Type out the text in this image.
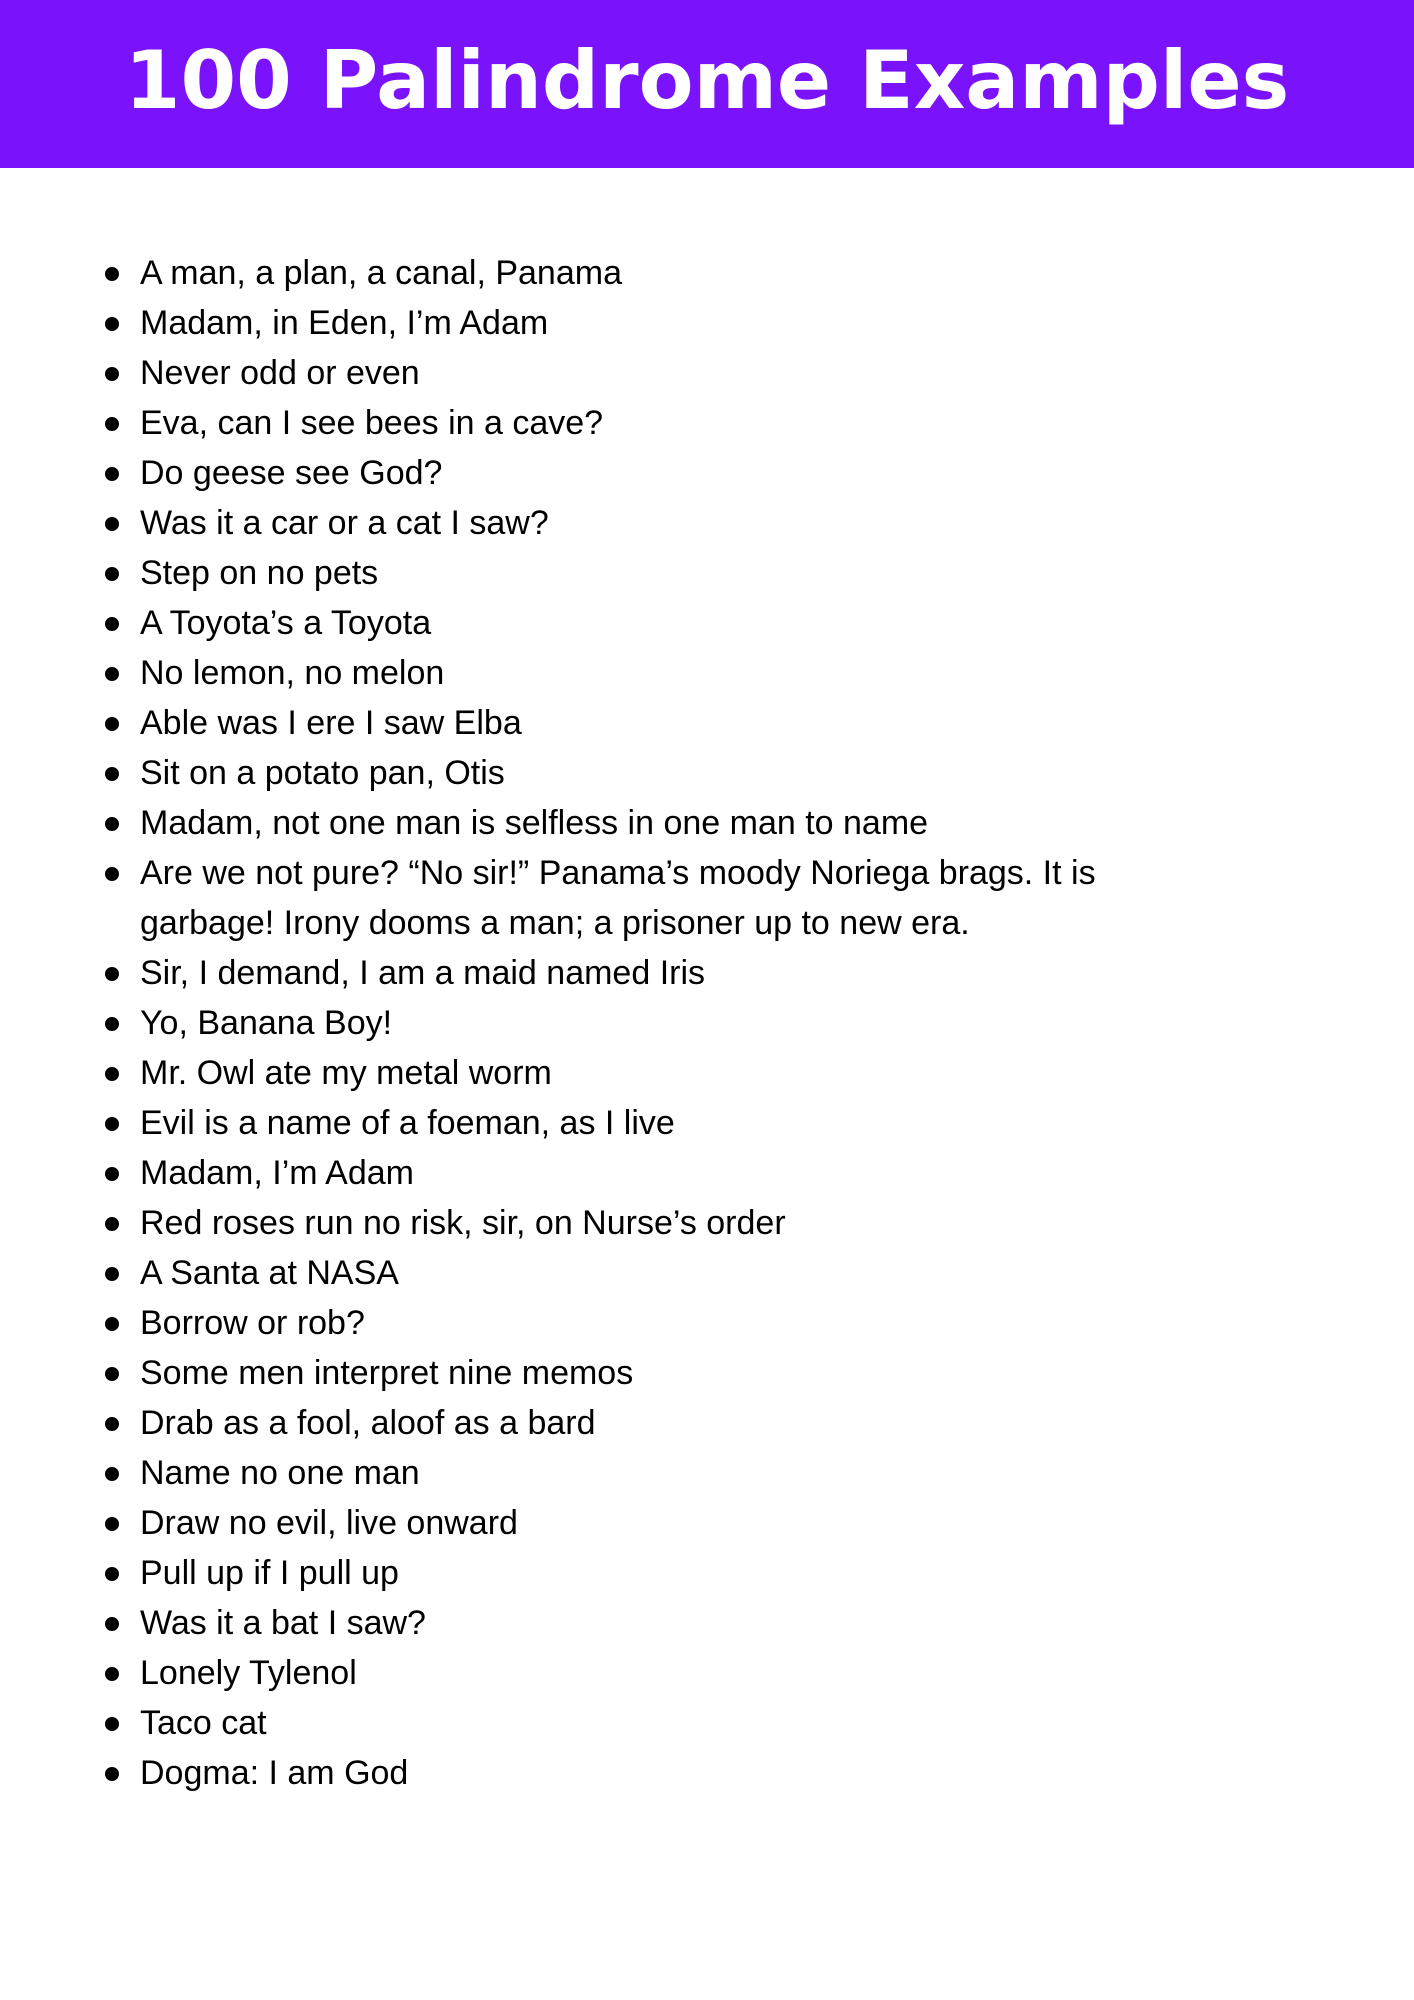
100 Palindrome Examples
A man, a plan, a canal, Panama
Madam, in Eden, I’m Adam
Never odd or even
Eva, can I see bees in a cave?
Do geese see God?
Was it a car or a cat I saw?
Step on no pets
A Toyota’s a Toyota
No lemon, no melon
Able was I ere I saw Elba
Sit on a potato pan, Otis
Madam, not one man is selfless in one man to name
Are we not pure? “No sir!” Panama’s moody Noriega brags. It is garbage! Irony dooms a man; a prisoner up to new era.
Sir, I demand, I am a maid named Iris
Yo, Banana Boy!
Mr. Owl ate my metal worm
Evil is a name of a foeman, as I live
Madam, I’m Adam
Red roses run no risk, sir, on Nurse’s order
A Santa at NASA
Borrow or rob?
Some men interpret nine memos
Drab as a fool, aloof as a bard
Name no one man
Draw no evil, live onward
Pull up if I pull up
Was it a bat I saw?
Lonely Tylenol
Taco cat
Dogma: I am God
